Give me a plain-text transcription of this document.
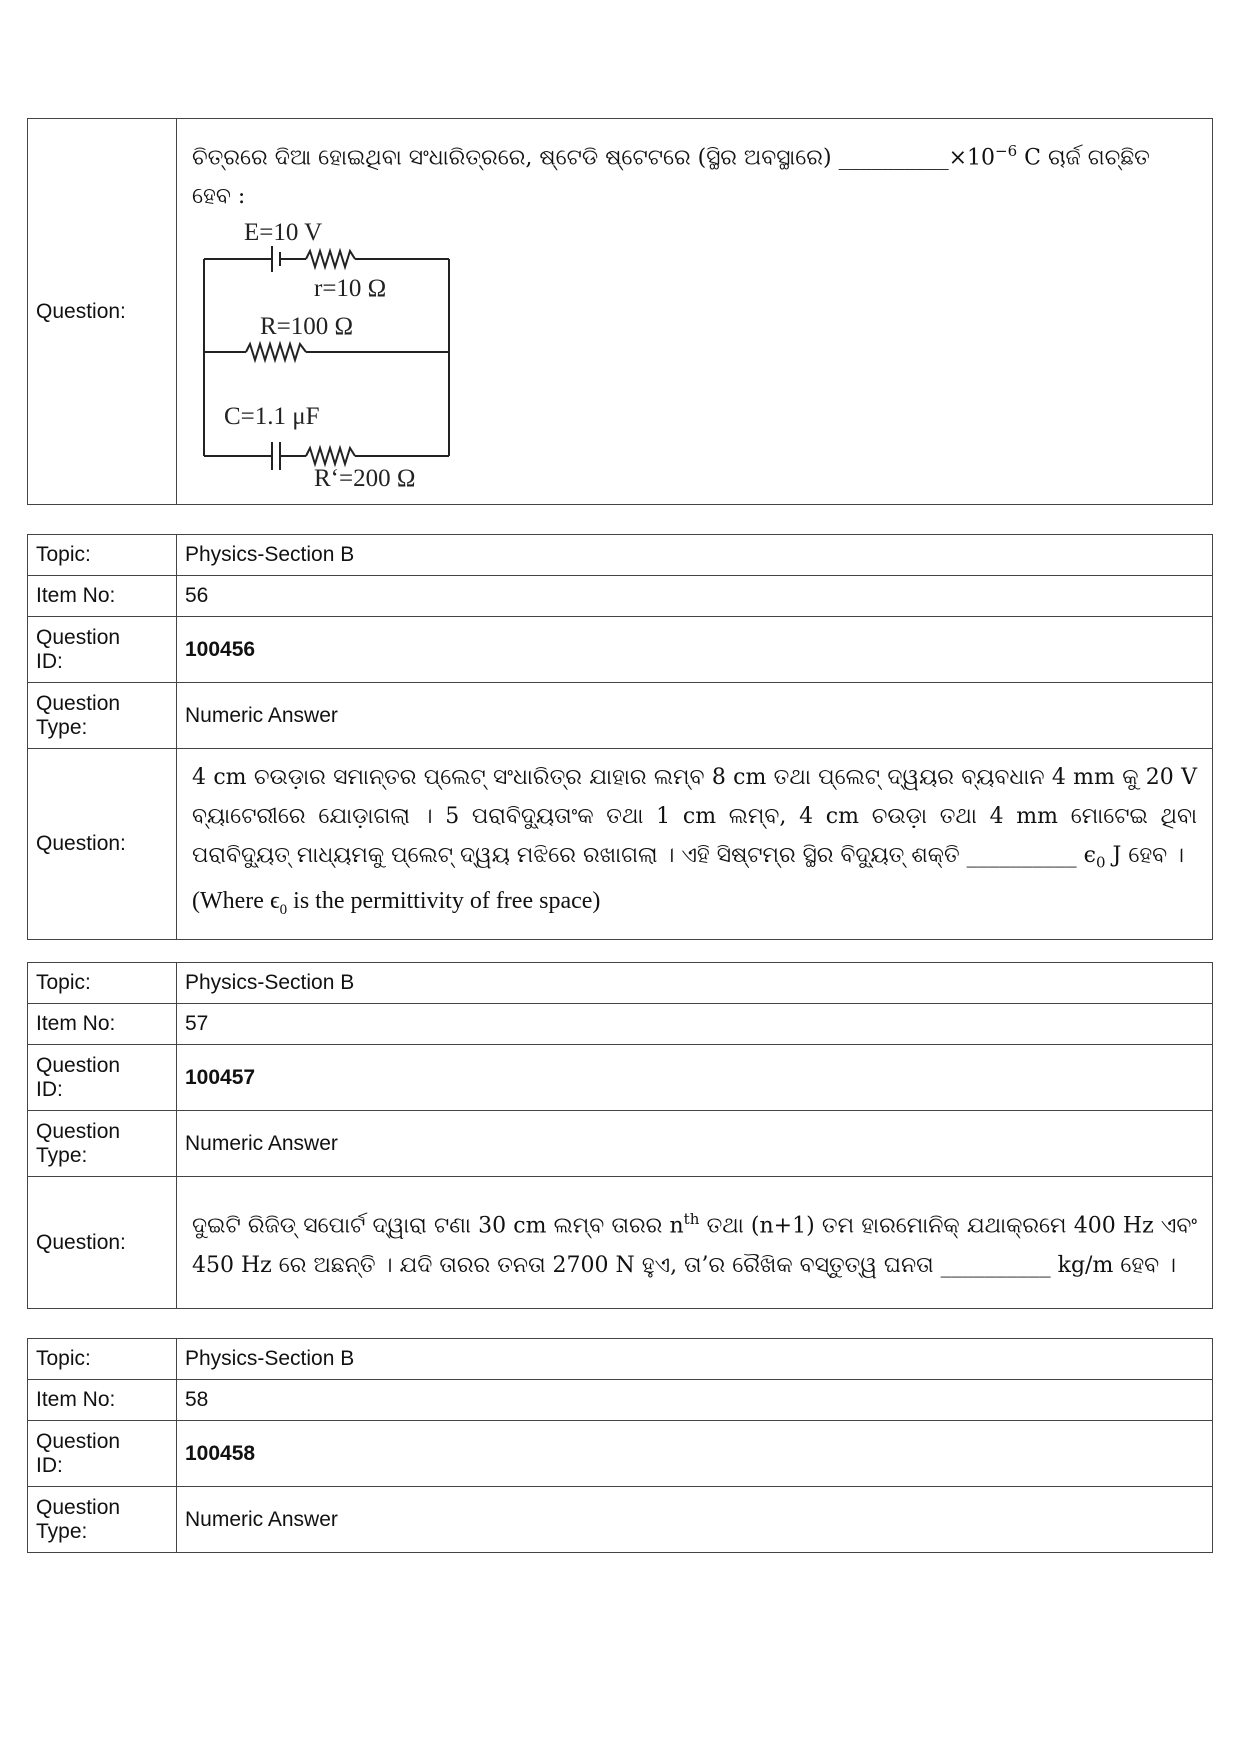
Question:	
ଚିତ୍ରରେ ଦିଆ ହୋଇଥିବା ସଂଧାରିତ୍ରରେ, ଷ୍ଟେଡି ଷ୍ଟେଟରେ (ସ୍ଥିର ଅବସ୍ଥାରେ) $\_\_\_\_\_\_\_\_\_\_\times 10^{-6}$ C ଚାର୍ଜ ଗଚ୍ଛିତ
ହେବ :
E=10 V
r=10 Ω
R=100 Ω
C=1.1 μF
R‘=200 Ω
Topic:	Physics-Section B
Item No:	56
Question
ID:	100456
Question
Type:	Numeric Answer
Question:	4 cm ଚଉଡ଼ାର ସମାନ୍ତର ପ୍ଲେଟ୍ ସଂଧାରିତ୍ର ଯାହାର ଲମ୍ବ 8 cm ତଥା ପ୍ଲେଟ୍ ଦ୍ୱୟର ବ୍ୟବଧାନ 4 mm କୁ 20 V ବ୍ୟାଟେରୀରେ ଯୋଡ଼ାଗଲା । 5 ପରାବିଦ୍ୟୁତାଂକ ତଥା 1 cm ଲମ୍ବ, 4 cm ଚଉଡ଼ା ତଥା 4 mm ମୋଟେଇ ଥିବା ପରାବିଦ୍ୟୁତ୍ ମାଧ୍ୟମକୁ ପ୍ଲେଟ୍ ଦ୍ୱୟ ମଝିରେ ରଖାଗଲା । ଏହି ସିଷ୍ଟମ୍‌ର ସ୍ଥିର ବିଦ୍ୟୁତ୍ ଶକ୍ତି __________ $\epsilon_0$ J ହେବ ।
(Where $\epsilon_0$ is the permittivity of free space)
Topic:	Physics-Section B
Item No:	57
Question
ID:	100457
Question
Type:	Numeric Answer
Question:	ଦୁଇଟି ରିଜିଡ୍ ସପୋର୍ଟ ଦ୍ୱାରା ଟଣା 30 cm ଲମ୍ବ ତାରର $n^{th}$ ତଥା (n+1) ତମ ହାରମୋନିକ୍ ଯଥାକ୍ରମେ 400 Hz ଏବଂ 450 Hz ରେ ଅଛନ୍ତି । ଯଦି ତାରର ତନତା 2700 N ହୁଏ, ତା’ର ରୈଖିକ ବସ୍ତୁତ୍ୱ ଘନତା __________ kg/m ହେବ ।
Topic:	Physics-Section B
Item No:	58
Question
ID:	100458
Question
Type:	Numeric Answer
